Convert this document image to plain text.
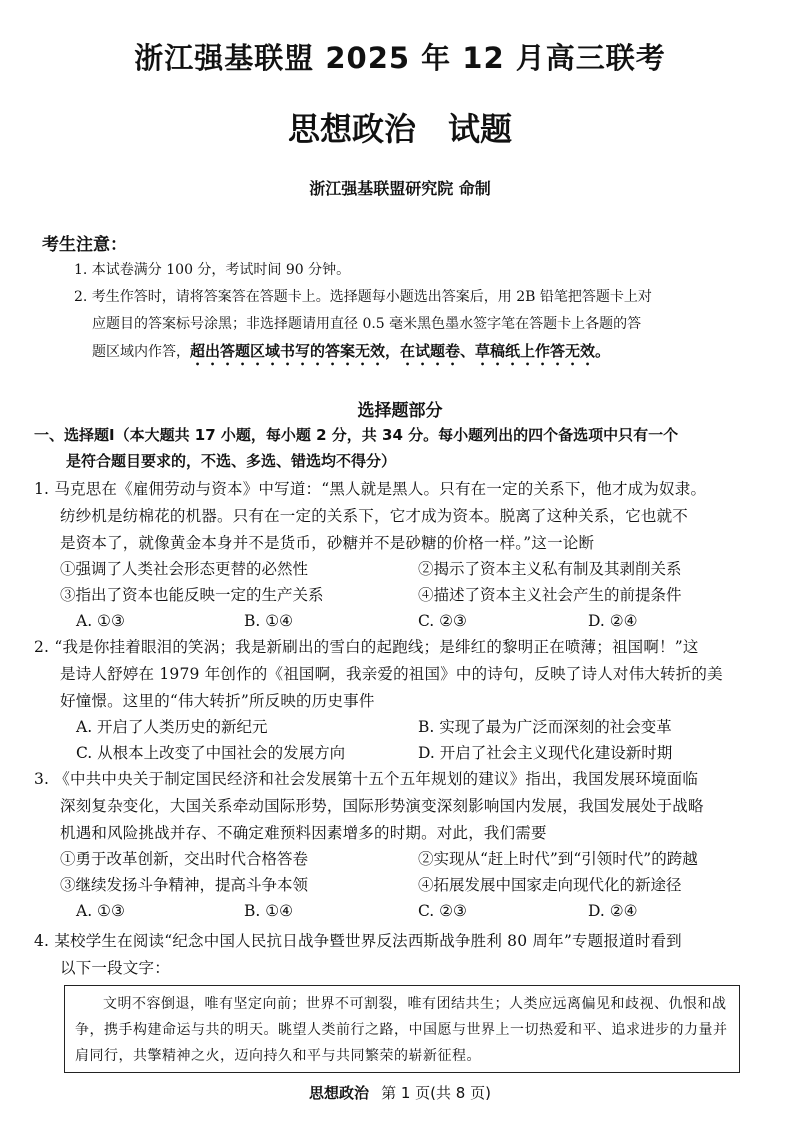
浙江强基联盟 2025 年 12 月高三联考
思想政治　试题
浙江强基联盟研究院 命制
考生注意：
1. 本试卷满分 100 分，考试时间 90 分钟。
2. 考生作答时，请将答案答在答题卡上。选择题每小题选出答案后，用 2B 铅笔把答题卡上对
应题目的答案标号涂黑；非选择题请用直径 0.5 毫米黑色墨水签字笔在答题卡上各题的答
题区域内作答，超出答题区域书写的答案无效，在试题卷、草稿纸上作答无效。
选择题部分
一、选择题Ⅰ（本大题共 17 小题，每小题 2 分，共 34 分。每小题列出的四个备选项中只有一个
是符合题目要求的，不选、多选、错选均不得分）
1. 马克思在《雇佣劳动与资本》中写道：“黑人就是黑人。只有在一定的关系下，他才成为奴隶。
纺纱机是纺棉花的机器。只有在一定的关系下，它才成为资本。脱离了这种关系，它也就不
是资本了，就像黄金本身并不是货币，砂糖并不是砂糖的价格一样。”这一论断
①强调了人类社会形态更替的必然性	②揭示了资本主义私有制及其剥削关系
③指出了资本也能反映一定的生产关系	④描述了资本主义社会产生的前提条件
A. ①③	B. ①④	C. ②③	D. ②④
2. “我是你挂着眼泪的笑涡；我是新刷出的雪白的起跑线；是绯红的黎明正在喷薄；祖国啊！”这
是诗人舒婷在 1979 年创作的《祖国啊，我亲爱的祖国》中的诗句，反映了诗人对伟大转折的美
好憧憬。这里的“伟大转折”所反映的历史事件
A. 开启了人类历史的新纪元	B. 实现了最为广泛而深刻的社会变革
C. 从根本上改变了中国社会的发展方向	D. 开启了社会主义现代化建设新时期
3. 《中共中央关于制定国民经济和社会发展第十五个五年规划的建议》指出，我国发展环境面临
深刻复杂变化，大国关系牵动国际形势，国际形势演变深刻影响国内发展，我国发展处于战略
机遇和风险挑战并存、不确定难预料因素增多的时期。对此，我们需要
①勇于改革创新，交出时代合格答卷	②实现从“赶上时代”到“引领时代”的跨越
③继续发扬斗争精神，提高斗争本领	④拓展发展中国家走向现代化的新途径
A. ①③	B. ①④	C. ②③	D. ②④
4. 某校学生在阅读“纪念中国人民抗日战争暨世界反法西斯战争胜利 80 周年”专题报道时看到
以下一段文字：
文明不容倒退，唯有坚定向前；世界不可割裂，唯有团结共生；人类应远离偏见和歧视、仇恨和战争，携手构建命运与共的明天。眺望人类前行之路，中国愿与世界上一切热爱和平、追求进步的力量并肩同行，共擎精神之火，迈向持久和平与共同繁荣的崭新征程。
思想政治 第 1 页(共 8 页)
